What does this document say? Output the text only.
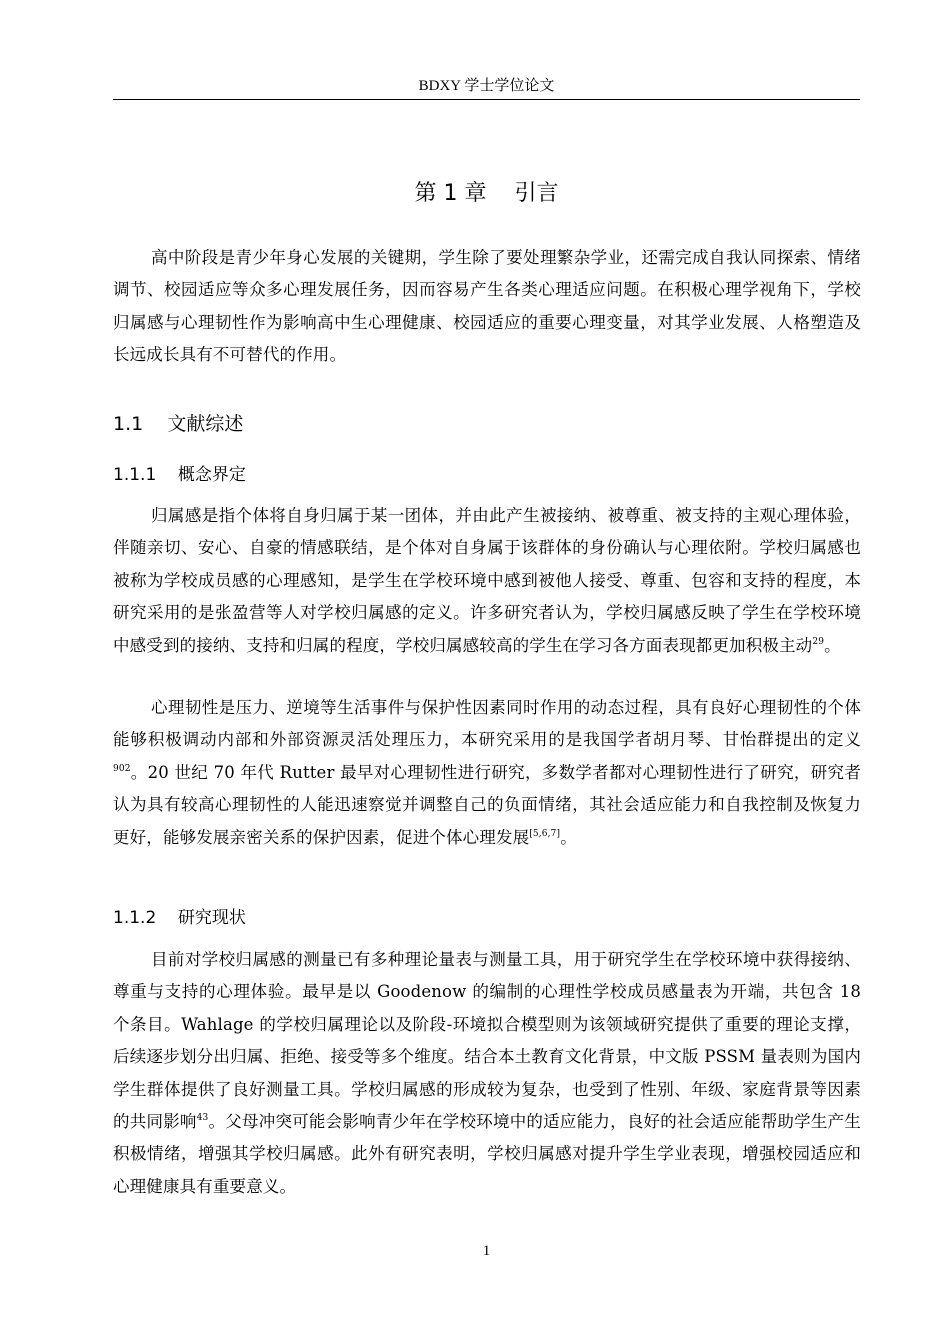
BDXY 学士学位论文
第 1 章    引言

高中阶段是青少年身心发展的关键期，学生除了要处理繁杂学业，还需完成自我认同探索、情绪调节、校园适应等众多心理发展任务，因而容易产生各类心理适应问题。在积极心理学视角下，学校归属感与心理韧性作为影响高中生心理健康、校园适应的重要心理变量，对其学业发展、人格塑造及长远成长具有不可替代的作用。

1.1    文献综述
1.1.1    概念界定

归属感是指个体将自身归属于某一团体，并由此产生被接纳、被尊重、被支持的主观心理体验，伴随亲切、安心、自豪的情感联结，是个体对自身属于该群体的身份确认与心理依附。学校归属感也被称为学校成员感的心理感知，是学生在学校环境中感到被他人接受、尊重、包容和支持的程度，本研究采用的是张盈营等人对学校归属感的定义。许多研究者认为，学校归属感反映了学生在学校环境中感受到的接纳、支持和归属的程度，学校归属感较高的学生在学习各方面表现都更加积极主动$^{29}$。

心理韧性是压力、逆境等生活事件与保护性因素同时作用的动态过程，具有良好心理韧性的个体能够积极调动内部和外部资源灵活处理压力，本研究采用的是我国学者胡月琴、甘怡群提出的定义$^{902}$。20 世纪 70 年代 Rutter 最早对心理韧性进行研究，多数学者都对心理韧性进行了研究，研究者认为具有较高心理韧性的人能迅速察觉并调整自己的负面情绪，其社会适应能力和自我控制及恢复力更好，能够发展亲密关系的保护因素，促进个体心理发展[5,6,7]。

1.1.2    研究现状

目前对学校归属感的测量已有多种理论量表与测量工具，用于研究学生在学校环境中获得接纳、尊重与支持的心理体验。最早是以 Goodenow 的编制的心理性学校成员感量表为开端，共包含 18 个条目。Wahlage 的学校归属理论以及阶段-环境拟合模型则为该领域研究提供了重要的理论支撑，后续逐步划分出归属、拒绝、接受等多个维度。结合本土教育文化背景，中文版 PSSM 量表则为国内学生群体提供了良好测量工具。学校归属感的形成较为复杂，也受到了性别、年级、家庭背景等因素的共同影响$^{43}$。父母冲突可能会影响青少年在学校环境中的适应能力，良好的社会适应能帮助学生产生积极情绪，增强其学校归属感。此外有研究表明，学校归属感对提升学生学业表现，增强校园适应和心理健康具有重要意义。

1
